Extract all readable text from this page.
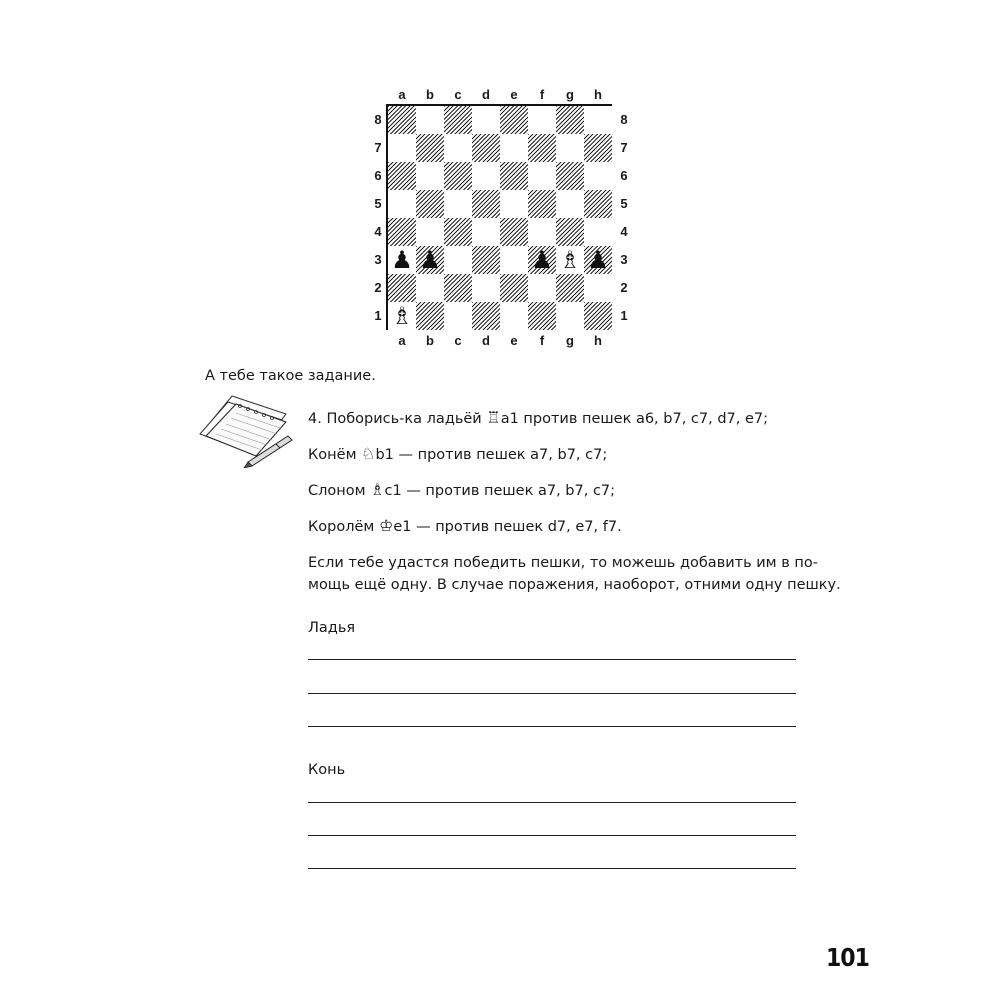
♟ ♟	♟ ♗ ♟
♗
a
a
b
b
c
c
d
d
e
e
f
f
g
g
h
h
8	8
7	7
6	6
5	5
4	4
3	3
2	2
1	1
А тебе такое задание.
4. Поборись-ка ладьёй ♖a1 против пешек a6, b7, c7, d7, e7;
Конём ♘b1 — против пешек a7, b7, c7;
Слоном ♗c1 — против пешек a7, b7, c7;
Королём ♔e1 — против пешек d7, e7, f7.
Если тебе удастся победить пешки, то можешь добавить им в по-
мощь ещё одну. В случае поражения, наоборот, отними одну пешку.
Ладья
Конь
101
